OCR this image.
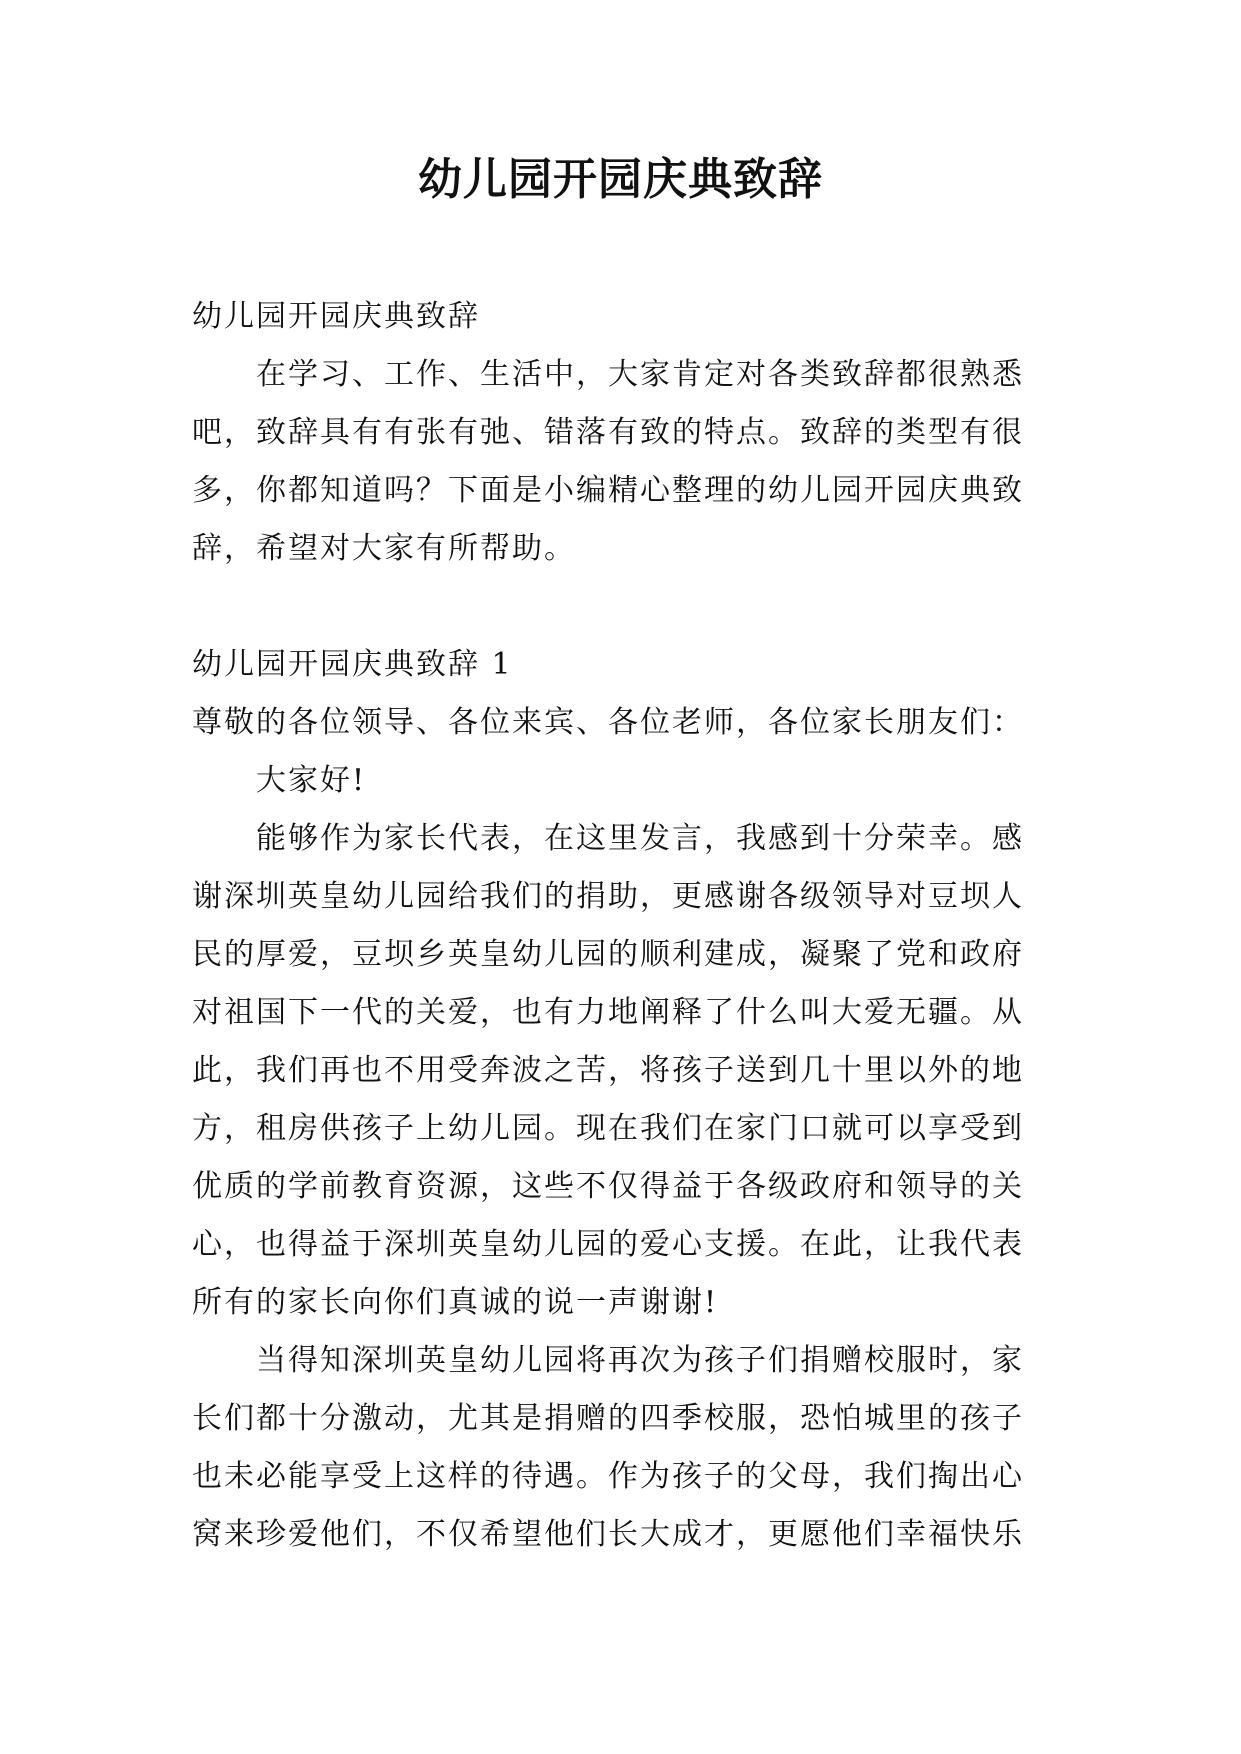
幼儿园开园庆典致辞
幼儿园开园庆典致辞
在学习、工作、生活中，大家肯定对各类致辞都很熟悉
吧，致辞具有有张有弛、错落有致的特点。致辞的类型有很
多，你都知道吗？下面是小编精心整理的幼儿园开园庆典致
辞，希望对大家有所帮助。
幼儿园开园庆典致辞 1
尊敬的各位领导、各位来宾、各位老师，各位家长朋友们：
大家好!
能够作为家长代表，在这里发言，我感到十分荣幸。感
谢深圳英皇幼儿园给我们的捐助，更感谢各级领导对豆坝人
民的厚爱，豆坝乡英皇幼儿园的顺利建成，凝聚了党和政府
对祖国下一代的关爱，也有力地阐释了什么叫大爱无疆。从
此，我们再也不用受奔波之苦，将孩子送到几十里以外的地
方，租房供孩子上幼儿园。现在我们在家门口就可以享受到
优质的学前教育资源，这些不仅得益于各级政府和领导的关
心，也得益于深圳英皇幼儿园的爱心支援。在此，让我代表
所有的家长向你们真诚的说一声谢谢!
当得知深圳英皇幼儿园将再次为孩子们捐赠校服时，家
长们都十分激动，尤其是捐赠的四季校服，恐怕城里的孩子
也未必能享受上这样的待遇。作为孩子的父母，我们掏出心
窝来珍爱他们，不仅希望他们长大成才，更愿他们幸福快乐
